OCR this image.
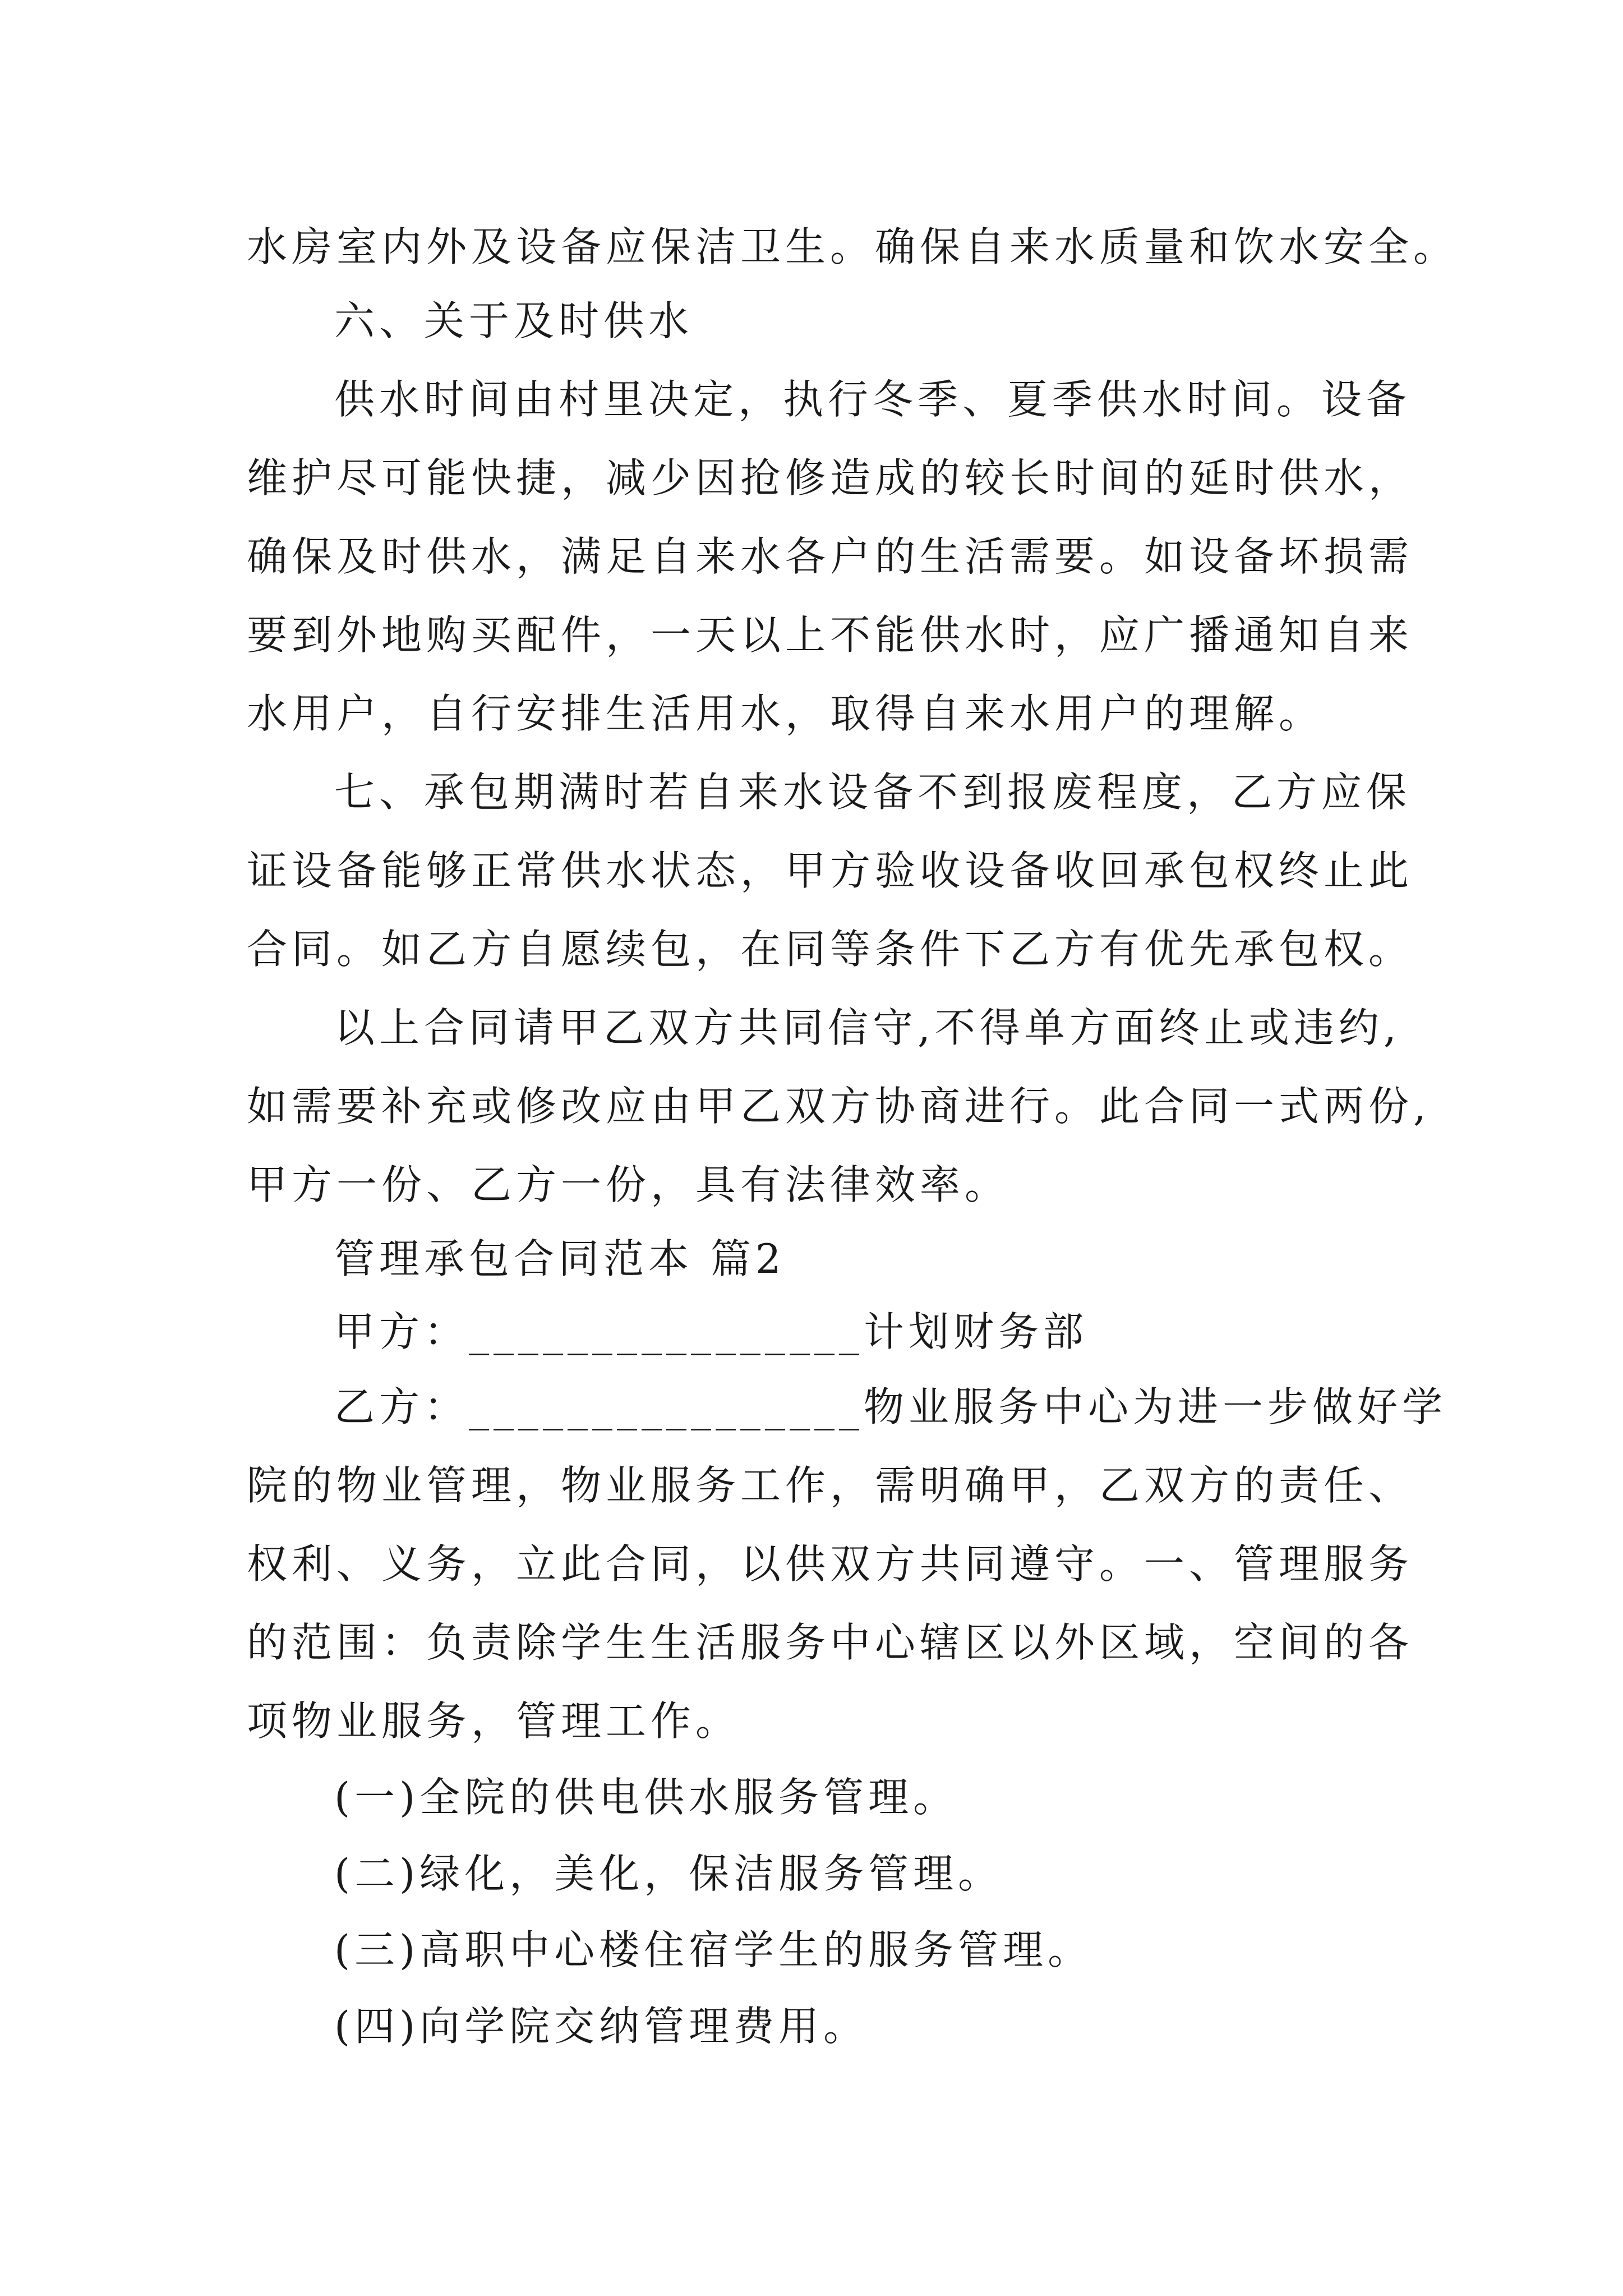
水房室内外及设备应保洁卫生。确保自来水质量和饮水安全。
六、关于及时供水
供水时间由村里决定，执行冬季、夏季供水时间。设备
维护尽可能快捷，减少因抢修造成的较长时间的延时供水，
确保及时供水，满足自来水各户的生活需要。如设备坏损需
要到外地购买配件，一天以上不能供水时，应广播通知自来
水用户，自行安排生活用水，取得自来水用户的理解。
七、承包期满时若自来水设备不到报废程度，乙方应保
证设备能够正常供水状态，甲方验收设备收回承包权终止此
合同。如乙方自愿续包，在同等条件下乙方有优先承包权。
以上合同请甲乙双方共同信守,不得单方面终止或违约,
如需要补充或修改应由甲乙双方协商进行。此合同一式两份,
甲方一份、乙方一份，具有法律效率。
管理承包合同范本 篇2
甲方：________________计划财务部
乙方：________________物业服务中心为进一步做好学
院的物业管理，物业服务工作，需明确甲，乙双方的责任、
权利、义务，立此合同，以供双方共同遵守。一、管理服务
的范围：负责除学生生活服务中心辖区以外区域，空间的各
项物业服务，管理工作。
(一)全院的供电供水服务管理。
(二)绿化，美化，保洁服务管理。
(三)高职中心楼住宿学生的服务管理。
(四)向学院交纳管理费用。
